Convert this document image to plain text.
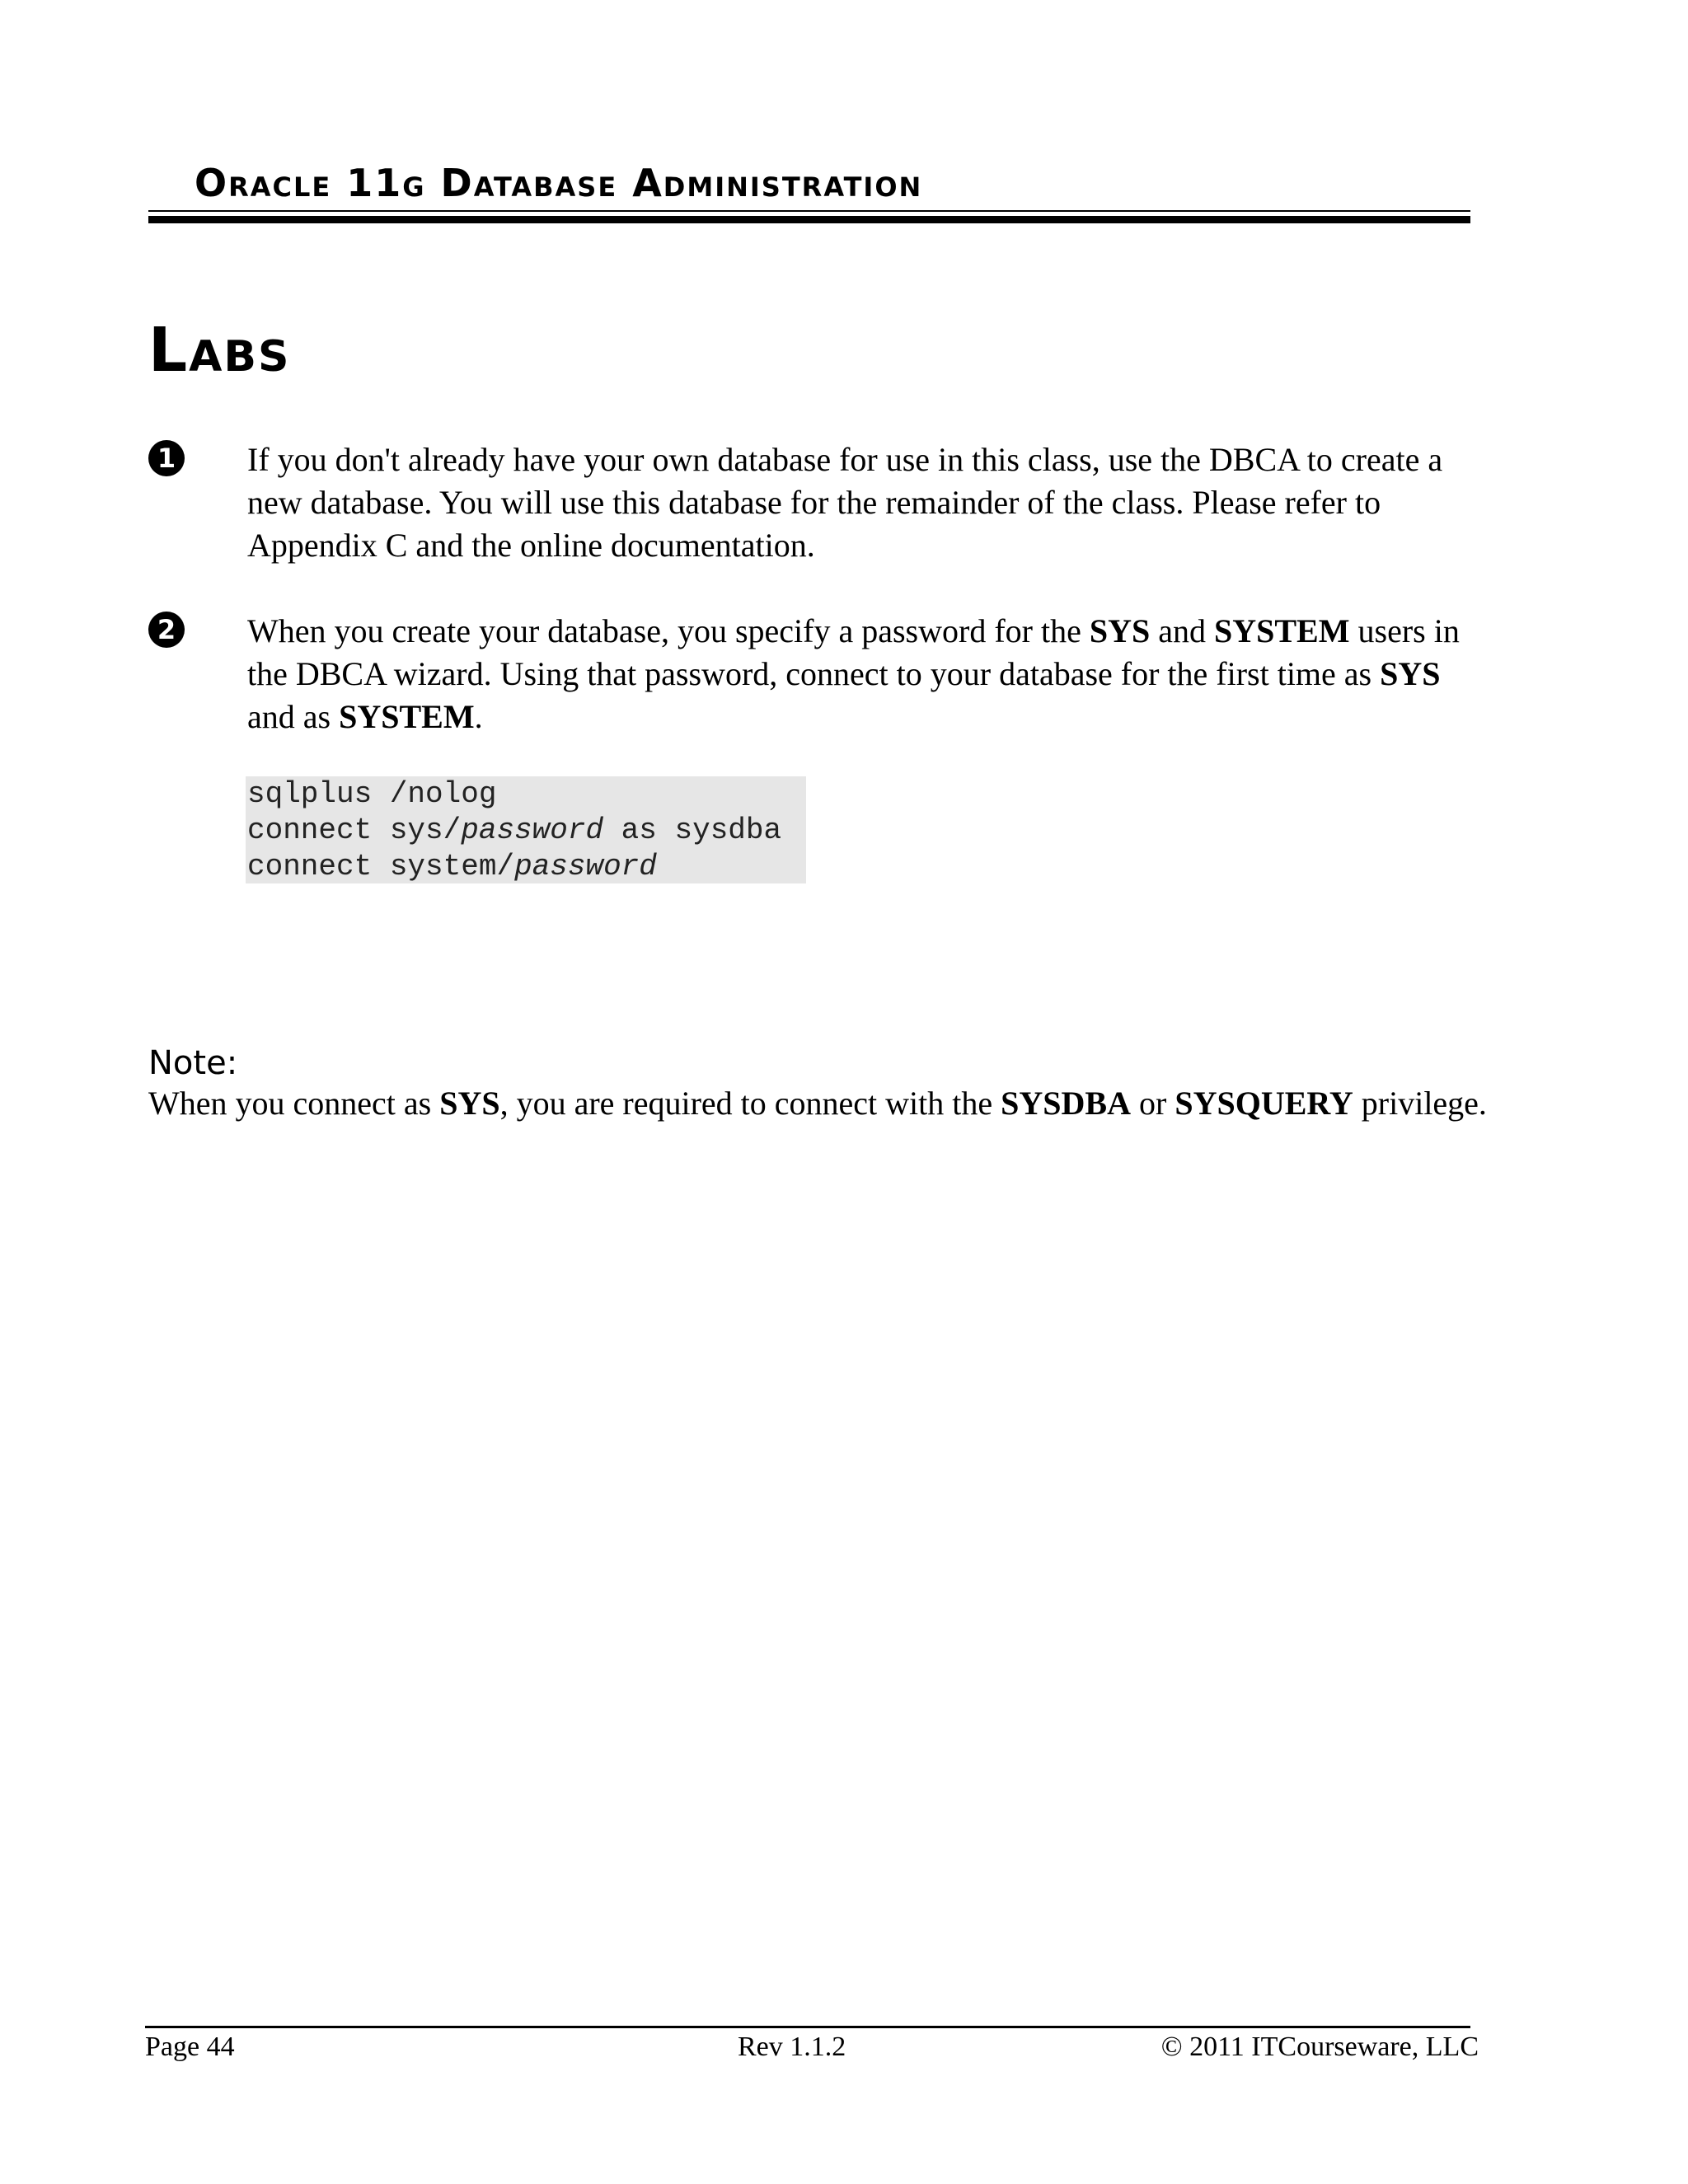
Oracle 11g Database Administration
Labs
1 If you don't already have your own database for use in this class, use the DBCA to create a new database. You will use this database for the remainder of the class. Please refer to Appendix C and the online documentation.

2 When you create your database, you specify a password for the SYS and SYSTEM users in the DBCA wizard. Using that password, connect to your database for the first time as SYS and as SYSTEM.

sqlplus /nolog
connect sys/password as sysdba
connect system/password
Note:

When you connect as SYS, you are required to connect with the SYSDBA or SYSQUERY privilege.

Page 44	Rev 1.1.2	© 2011 ITCourseware, LLC
